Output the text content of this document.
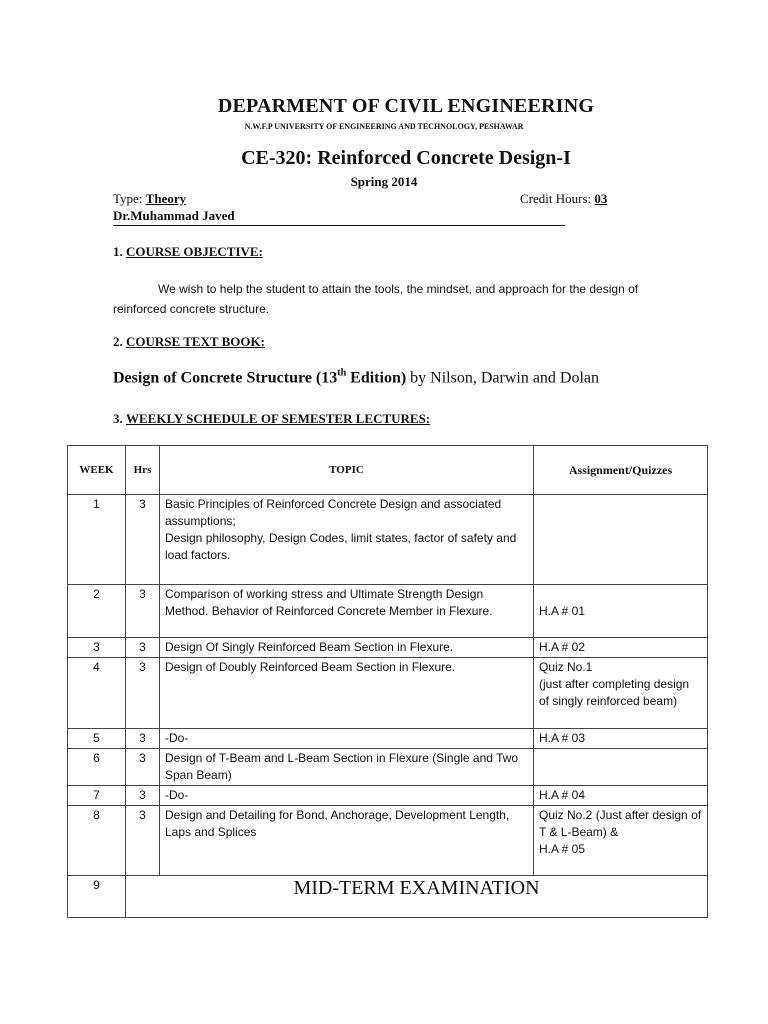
DEPARMENT OF CIVIL ENGINEERING
N.W.F.P UNIVERSITY OF ENGINEERING AND TECHNOLOGY, PESHAWAR
CE-320: Reinforced Concrete Design-I
Spring 2014
Type: Theory	Credit Hours: 03
Dr.Muhammad Javed
1. COURSE OBJECTIVE:
We wish to help the student to attain the tools, the mindset, and approach for the design of reinforced concrete structure.
2. COURSE TEXT BOOK:
Design of Concrete Structure (13th Edition) by Nilson, Darwin and Dolan
3. WEEKLY SCHEDULE OF SEMESTER LECTURES:
WEEK	Hrs	TOPIC	Assignment/Quizzes
1	3	Basic Principles of Reinforced Concrete Design and associated assumptions;
Design philosophy, Design Codes, limit states, factor of safety and load factors.	
2	3	Comparison of working stress and Ultimate Strength Design Method. Behavior of Reinforced Concrete Member in Flexure.	H.A # 01
3	3	Design Of Singly Reinforced Beam Section in Flexure.	H.A # 02
4	3	Design of Doubly Reinforced Beam Section in Flexure.	Quiz No.1
(just after completing design of singly reinforced beam)
5	3	-Do-	H.A # 03
6	3	Design of T-Beam and L-Beam Section in Flexure (Single and Two Span Beam)	
7	3	-Do-	H.A # 04
8	3	Design and Detailing for Bond, Anchorage, Development Length, Laps and Splices	Quiz No.2 (Just after design of T & L-Beam) &
H.A # 05
9	MID-TERM EXAMINATION		
